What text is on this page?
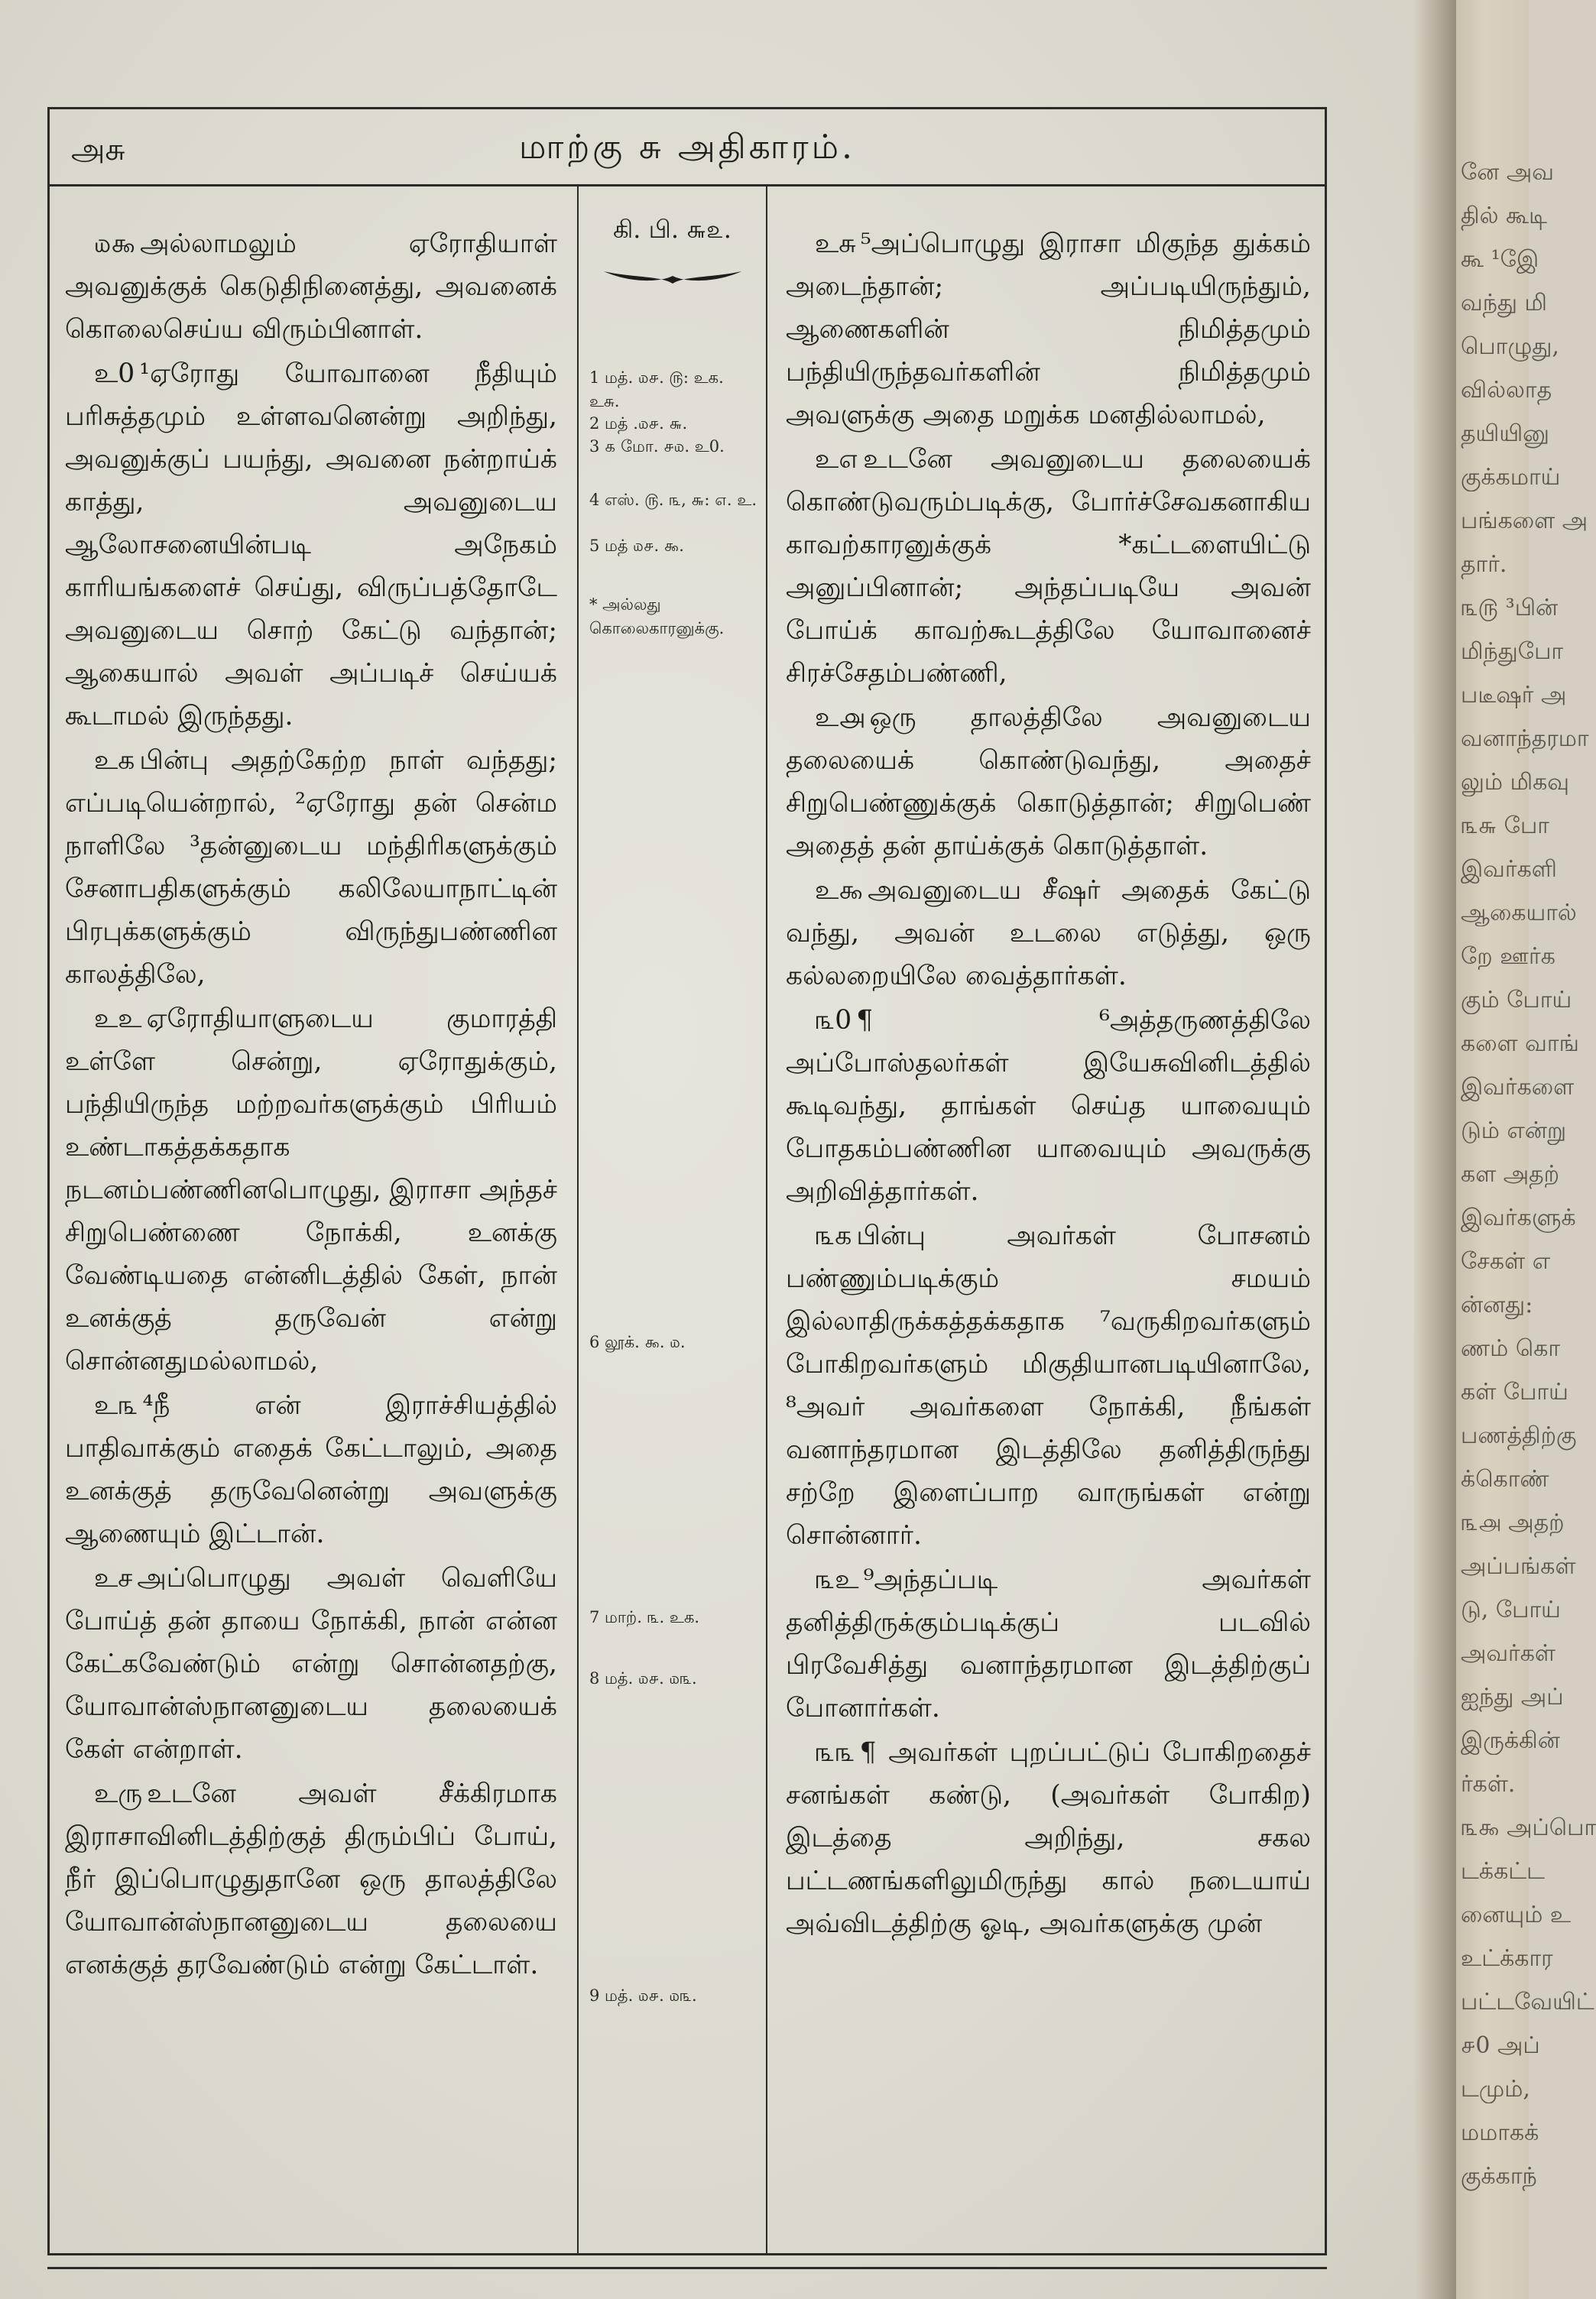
அசு	மாற்கு சு அதிகாரம்.

௰௯ அல்லாமலும் ஏரோதியாள் அவனுக்குக் கெடுதிநினைத்து, அவனைக் கொலைசெய்ய விரும்பினாள்.

உ0 ¹ஏரோது யோவானை நீதியும் பரிசுத்தமும் உள்ளவனென்று அறிந்து, அவனுக்குப் பயந்து, அவனை நன்றாய்க் காத்து, அவனுடைய ஆலோசனையின்படி அநேகம் காரியங்களைச் செய்து, விருப்பத்தோடே அவனுடைய சொற் கேட்டு வந்தான்; ஆகையால் அவள் அப்படிச் செய்யக் கூடாமல் இருந்தது.

உக பின்பு அதற்கேற்ற நாள் வந்தது; எப்படியென்றால், ²ஏரோது தன் சென்ம நாளிலே ³தன்னுடைய மந்திரிகளுக்கும் சேனாபதிகளுக்கும் கலிலேயாநாட்டின் பிரபுக்களுக்கும் விருந்துபண்ணின காலத்திலே,

உஉ ஏரோதியாளுடைய குமாரத்தி உள்ளே சென்று, ஏரோதுக்கும், பந்தியிருந்த மற்றவர்களுக்கும் பிரியம் உண்டாகத்தக்கதாக நடனம்பண்ணினபொழுது, இராசா அந்தச் சிறுபெண்ணை நோக்கி, உனக்கு வேண்டியதை என்னிடத்தில் கேள், நான் உனக்குத் தருவேன் என்று சொன்னதுமல்லாமல்,

உ௩ ⁴நீ என் இராச்சியத்தில் பாதிவாக்கும் எதைக் கேட்டாலும், அதை உனக்குத் தருவேனென்று அவளுக்கு ஆணையும் இட்டான்.

உச அப்பொழுது அவள் வெளியே போய்த் தன் தாயை நோக்கி, நான் என்ன கேட்கவேண்டும் என்று சொன்னதற்கு, யோவான்ஸ்நானனுடைய தலையைக் கேள் என்றாள்.

உரு உடனே அவள் சீக்கிரமாக இராசாவினிடத்திற்குத் திரும்பிப் போய், நீர் இப்பொழுதுதானே ஒரு தாலத்திலே யோவான்ஸ்நானனுடைய தலையை எனக்குத் தரவேண்டும் என்று கேட்டாள்.

கி. பி. ௬௨.
1 மத். ௰௪. ௫: உக. உசு.
2 மத் .௰௪. ௬.
3 ௧ மோ. ௪௰. உ0.
4 எஸ். ௫. ௩, ௬: ௭. உ.
5 மத் ௰௪. ௯.
* அல்லது கொலைகாரனுக்கு.
6 லூக். ௯. ௰.
7 மாற். ௩. உக.
8 மத். ௰௪. ௰௩.
9 மத். ௰௪. ௰௩.

உசு ⁵அப்பொழுது இராசா மிகுந்த துக்கம் அடைந்தான்; அப்படியிருந்தும், ஆணைகளின் நிமித்தமும் பந்தியிருந்தவர்களின் நிமித்தமும் அவளுக்கு அதை மறுக்க மனதில்லாமல்,

உ௭ உடனே அவனுடைய தலையைக் கொண்டுவரும்படிக்கு, போர்ச்சேவகனாகிய காவற்காரனுக்குக் *கட்டளையிட்டு அனுப்பினான்; அந்தப்படியே அவன் போய்க் காவற்கூடத்திலே யோவானைச் சிரச்சேதம்பண்ணி,

உ௮ ஒரு தாலத்திலே அவனுடைய தலையைக் கொண்டுவந்து, அதைச் சிறுபெண்ணுக்குக் கொடுத்தான்; சிறுபெண் அதைத் தன் தாய்க்குக் கொடுத்தாள்.

உ௯ அவனுடைய சீஷர் அதைக் கேட்டு வந்து, அவன் உடலை எடுத்து, ஒரு கல்லறையிலே வைத்தார்கள்.

௩0 ¶ ⁶அத்தருணத்திலே அப்போஸ்தலர்கள் இயேசுவினிடத்தில் கூடிவந்து, தாங்கள் செய்த யாவையும் போதகம்பண்ணின யாவையும் அவருக்கு அறிவித்தார்கள்.

௩க பின்பு அவர்கள் போசனம் பண்ணும்படிக்கும் சமயம் இல்லாதிருக்கத்தக்கதாக ⁷வருகிறவர்களும் போகிறவர்களும் மிகுதியானபடியினாலே, ⁸அவர் அவர்களை நோக்கி, நீங்கள் வனாந்தரமான இடத்திலே தனித்திருந்து சற்றே இளைப்பாற வாருங்கள் என்று சொன்னார்.

௩உ ⁹அந்தப்படி அவர்கள் தனித்திருக்கும்படிக்குப் படவில் பிரவேசித்து வனாந்தரமான இடத்திற்குப் போனார்கள்.

௩௩ ¶ அவர்கள் புறப்பட்டுப் போகிறதைச் சனங்கள் கண்டு, (அவர்கள் போகிற) இடத்தை அறிந்து, சகல பட்டணங்களிலுமிருந்து கால் நடையாய் அவ்விடத்திற்கு ஓடி, அவர்களுக்கு முன்

னே அவ
தில் கூடி
கூ ¹இே
வந்து மி
பொழுது,
வில்லாத
தயியினு
குக்கமாய்
பங்களை அ
தார்.
௩௫ ³பின்
மிந்துபோ
படீஷர் அ
வனாந்தரமா
லும் மிகவு
௩௬ போ
இவர்களி
ஆகையால்
றே ஊர்க
கும் போய்
களை வாங்
இவர்களை
டும் என்று
கள அதற்
இவர்களுக்
சேகள் எ
ன்னது:
ணம் கொ
கள் போய்
பணத்திற்கு
க்கொண்
௩௮ அதற்
அப்பங்கள்
டு, போய்
அவர்கள்
ஐந்து அப்
இருக்கின்
ர்கள்.
௩௯ அப்பொ
டக்கட்ட
னையும் உ
உட்க்கார
பட்டவேயிட்
௪0 அப்
டமும்,
மமாகக்
குக்காந்
